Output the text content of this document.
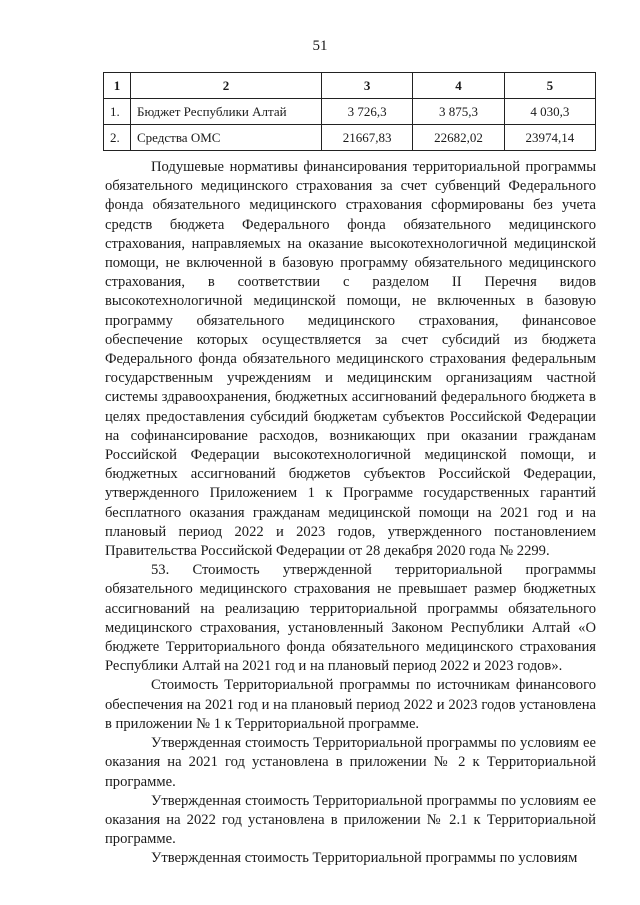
51
1	2	3	4	5
1.	Бюджет Республики Алтай	3 726,3	3 875,3	4 030,3
2.	Средства ОМС	21667,83	22682,02	23974,14

Подушевые нормативы финансирования территориальной программы обязательного медицинского страхования за счет субвенций Федерального фонда обязательного медицинского страхования сформированы без учета средств бюджета Федерального фонда обязательного медицинского страхования, направляемых на оказание высокотехнологичной медицинской помощи, не включенной в базовую программу обязательного медицинского страхования, в соответствии с разделом II Перечня видов высокотехнологичной медицинской помощи, не включенных в базовую программу обязательного медицинского страхования, финансовое обеспечение которых осуществляется за счет субсидий из бюджета Федерального фонда обязательного медицинского страхования федеральным государственным учреждениям и медицинским организациям частной системы здравоохранения, бюджетных ассигнований федерального бюджета в целях предоставления субсидий бюджетам субъектов Российской Федерации на софинансирование расходов, возникающих при оказании гражданам Российской Федерации высокотехнологичной медицинской помощи, и бюджетных ассигнований бюджетов субъектов Российской Федерации, утвержденного Приложением 1 к Программе государственных гарантий бесплатного оказания гражданам медицинской помощи на 2021 год и на плановый период 2022 и 2023 годов, утвержденного постановлением Правительства Российской Федерации от 28 декабря 2020 года № 2299.

53. Стоимость утвержденной территориальной программы обязательного медицинского страхования не превышает размер бюджетных ассигнований на реализацию территориальной программы обязательного медицинского страхования, установленный Законом Республики Алтай «О бюджете Территориального фонда обязательного медицинского страхования Республики Алтай на 2021 год и на плановый период 2022 и 2023 годов».

Стоимость Территориальной программы по источникам финансового обеспечения на 2021 год и на плановый период 2022 и 2023 годов установлена в приложении № 1 к Территориальной программе.

Утвержденная стоимость Территориальной программы по условиям ее оказания на 2021 год установлена в приложении № 2 к Территориальной программе.

Утвержденная стоимость Территориальной программы по условиям ее оказания на 2022 год установлена в приложении № 2.1 к Территориальной программе.

Утвержденная стоимость Территориальной программы по условиям
